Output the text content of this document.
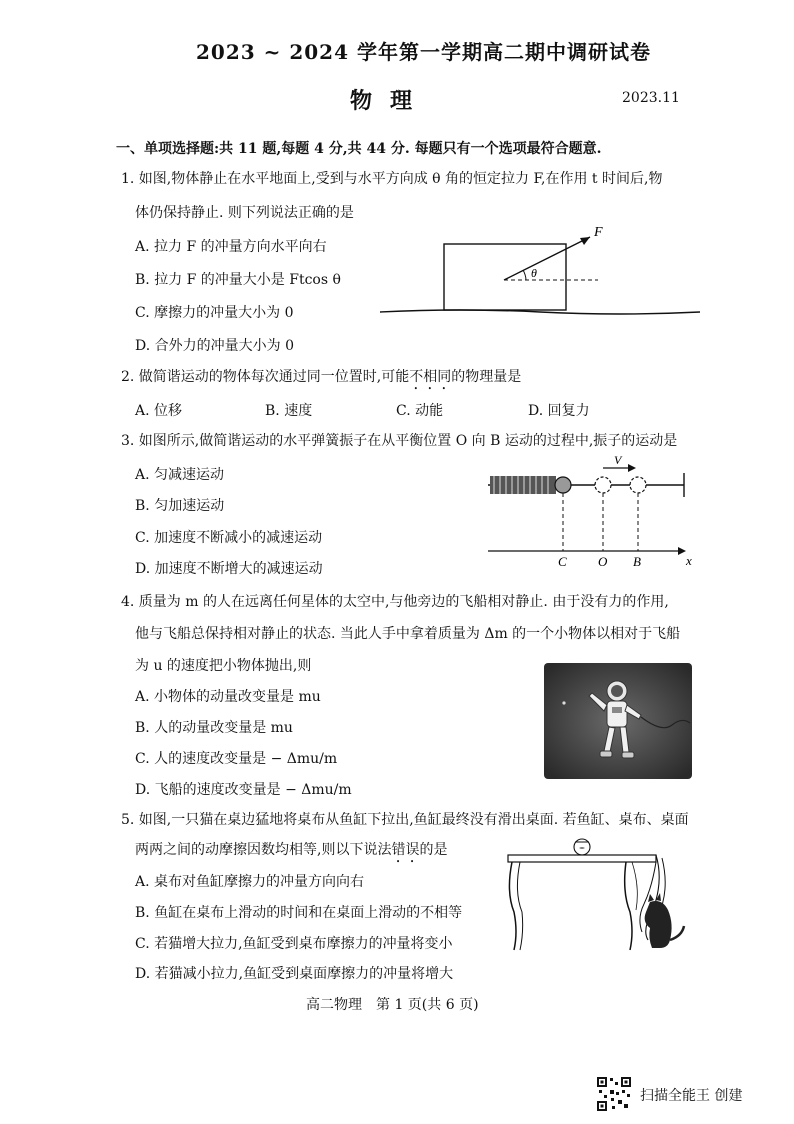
2023 ~ 2024 学年第一学期高二期中调研试卷
物理	2023.11
一、单项选择题:共 11 题,每题 4 分,共 44 分. 每题只有一个选项最符合题意.
1. 如图,物体静止在水平地面上,受到与水平方向成 θ 角的恒定拉力 F,在作用 t 时间后,物
体仍保持静止. 则下列说法正确的是
A. 拉力 F 的冲量方向水平向右
B. 拉力 F 的冲量大小是 Ftcos θ
C. 摩擦力的冲量大小为 0
D. 合外力的冲量大小为 0
F
θ
2. 做简谐运动的物体每次通过同一位置时,可能不相同的物理量是
A. 位移	B. 速度	C. 动能	D. 回复力
3. 如图所示,做简谐运动的水平弹簧振子在从平衡位置 O 向 B 运动的过程中,振子的运动是
A. 匀减速运动
B. 匀加速运动
C. 加速度不断减小的减速运动
D. 加速度不断增大的减速运动
V
C O B	x
4. 质量为 m 的人在远离任何星体的太空中,与他旁边的飞船相对静止. 由于没有力的作用,
他与飞船总保持相对静止的状态. 当此人手中拿着质量为 Δm 的一个小物体以相对于飞船
为 u 的速度把小物体抛出,则
A. 小物体的动量改变量是 mu
B. 人的动量改变量是 mu
C. 人的速度改变量是 − Δmu/m
D. 飞船的速度改变量是 − Δmu/m
5. 如图,一只猫在桌边猛地将桌布从鱼缸下拉出,鱼缸最终没有滑出桌面. 若鱼缸、桌布、桌面
两两之间的动摩擦因数均相等,则以下说法错误的是
A. 桌布对鱼缸摩擦力的冲量方向向右
B. 鱼缸在桌布上滑动的时间和在桌面上滑动的不相等
C. 若猫增大拉力,鱼缸受到桌布摩擦力的冲量将变小
D. 若猫减小拉力,鱼缸受到桌面摩擦力的冲量将增大
高二物理　第 1 页(共 6 页)
扫描全能王 创建
